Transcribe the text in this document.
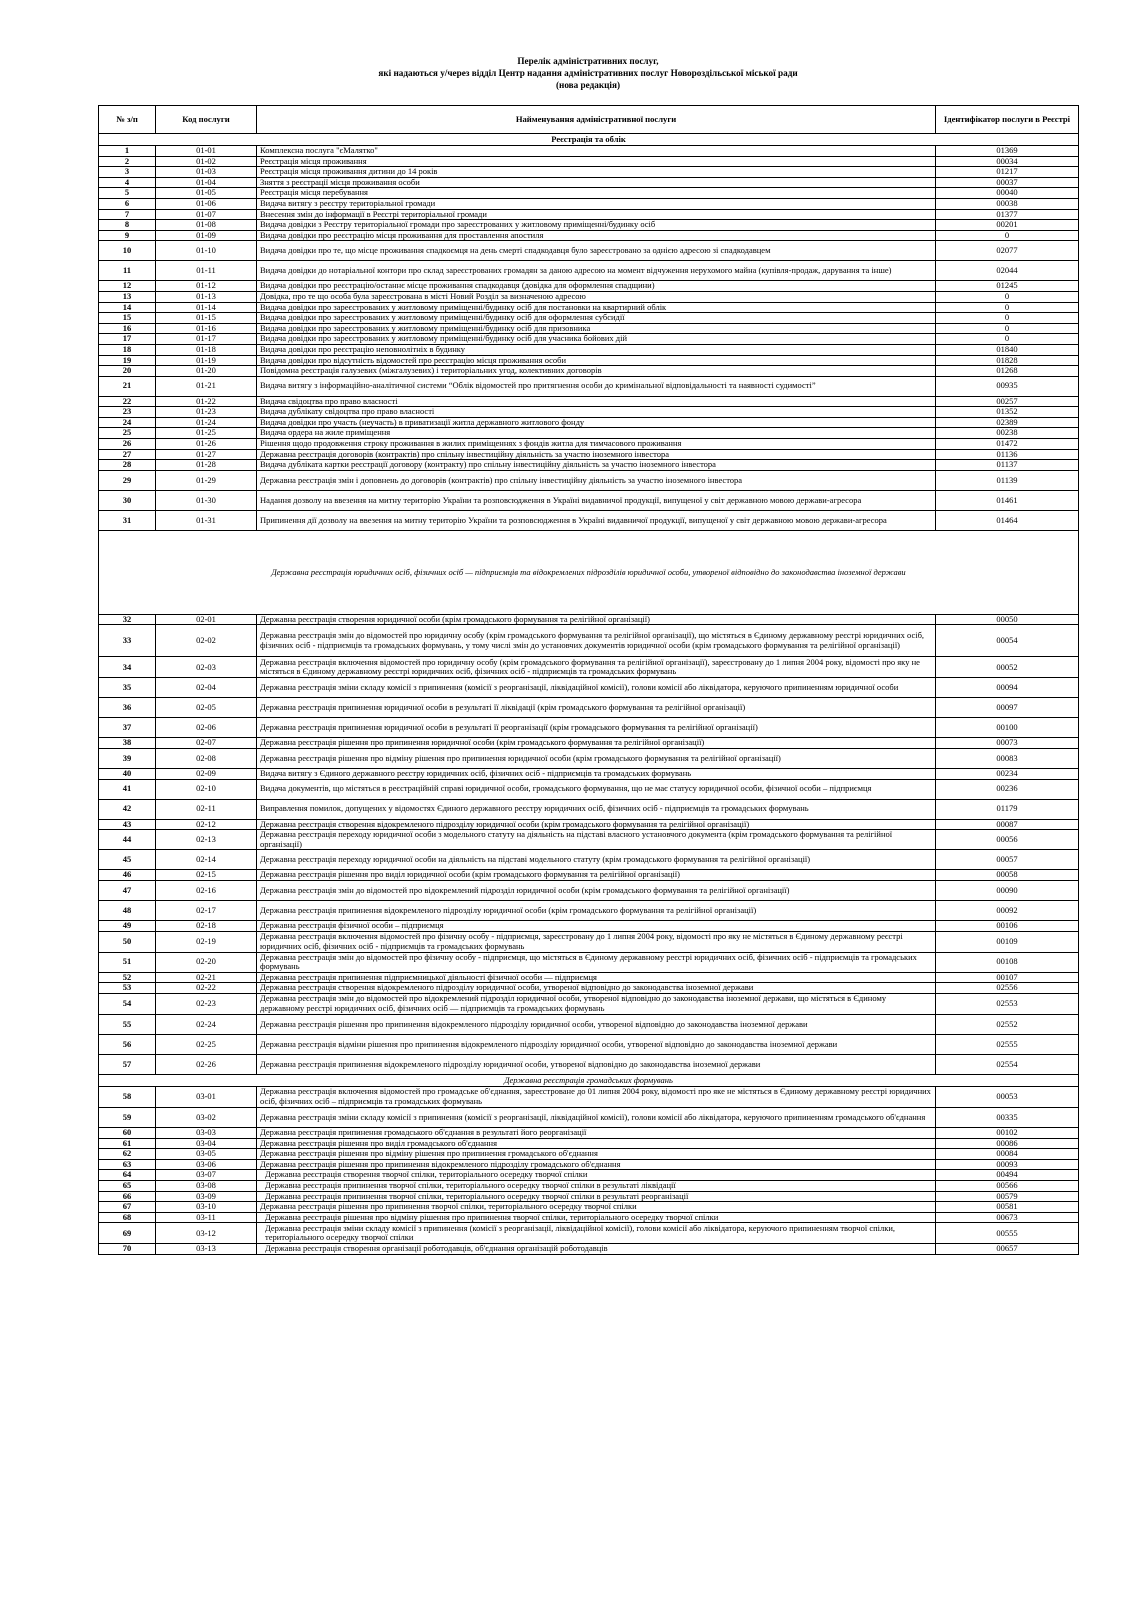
Перелік адміністративних послуг,
які надаються у/через відділ Центр надання адміністративних послуг Новороздільської міської ради
(нова редакція)
№ з/п	Код послуги	Найменування адміністративної послуги	Ідентифікатор послуги в Реєстрі
Реєстрація та облік			
1	01-01	Комплексна послуга "єМалятко"	01369
2	01-02	Реєстрація місця проживання	00034
3	01-03	Реєстрація місця проживання дитини до 14 років	01217
4	01-04	Зняття з реєстрації місця проживання особи	00037
5	01-05	Реєстрація місця перебування	00040
6	01-06	Видача витягу з реєстру територіальної громади	00038
7	01-07	Внесення змін до інформації в Реєстрі територіальної громади	01377
8	01-08	Видача довідки з Реєстру територіальної громади про зареєстрованих у житловому приміщенні/будинку осіб	00201
9	01-09	Видача довідки про реєстрацію місця проживання для проставлення апостиля	0
10	01-10	Видача довідки про те, що місце проживання спадкоємця на день смерті спадкодавця було зареєстровано за однією адресою зі спадкодавцем	02077
11	01-11	Видача довідки до нотаріальної контори про склад зареєстрованих громадян за даною адресою на момент відчуження нерухомого майна (купівля-продаж, дарування та інше)	02044
12	01-12	Видача довідки про реєстрацію/останнє місце проживання спадкодавця (довідка для оформлення спадщини)	01245
13	01-13	Довідка, про те що особа була зареєстрована в місті Новий Розділ за визначеною адресою	0
14	01-14	Видача довідки про зареєстрованих у житловому приміщенні/будинку осіб для постановки на квартирний облік	0
15	01-15	Видача довідки про зареєстрованих у житловому приміщенні/будинку осіб для оформлення субсидії	0
16	01-16	Видача довідки про зареєстрованих у житловому приміщенні/будинку осіб для призовника	0
17	01-17	Видача довідки про зареєстрованих у житловому приміщенні/будинку осіб для учасника бойових дій	0
18	01-18	Видача довідки про реєстрацію неповнолітніх в будинку	01840
19	01-19	Видача довідки про відсутність відомостей про реєстрацію місця проживання особи	01828
20	01-20	Повідомна реєстрація галузевих (міжгалузевих) і територіальних угод, колективних договорів	01268
21	01-21	Видача витягу з інформаційно-аналітичної системи “Облік відомостей про притягнення особи до кримінальної відповідальності та наявності судимості”	00935
22	01-22	Видача свідоцтва про право власності	00257
23	01-23	Видача дублікату свідоцтва про право власності	01352
24	01-24	Видача довідки про участь (неучасть) в приватизації житла державного житлового фонду	02389
25	01-25	Видача ордера на жиле приміщення	00238
26	01-26	Рішення щодо продовження строку проживання в жилих приміщеннях з фондів житла для тимчасового проживання	01472
27	01-27	Державна реєстрація договорів (контрактів) про спільну інвестиційну діяльність за участю іноземного інвестора	01136
28	01-28	Видача дубліката картки реєстрації договору (контракту) про спільну інвестиційну діяльність за участю іноземного інвестора	01137
29	01-29	Державна реєстрація змін і доповнень до договорів (контрактів) про спільну інвестиційну діяльність за участю іноземного інвестора	01139
30	01-30	Надання дозволу на ввезення на митну територію України та розповсюдження в Україні видавничої продукції, випущеної у світ державною мовою держави-агресора	01461
31	01-31	Припинення дії дозволу на ввезення на митну територію України та розповсюдження в Україні видавничої продукції, випущеної у світ державною мовою держави-агресора	01464
Державна реєстрація юридичних осіб, фізичних осіб — підприємців та відокремлених підрозділів юридичної особи, утвореної відповідно до законодавства іноземної держави			
32	02-01	Державна реєстрація створення юридичної особи (крім громадського формування та релігійної організації)	00050
33	02-02	Державна реєстрація змін до відомостей про юридичну особу (крім громадського формування та релігійної організації), що містяться в Єдиному державному реєстрі юридичних осіб, фізичних осіб - підприємців та громадських формувань, у тому числі змін до установчих документів юридичної особи (крім громадського формування та релігійної організації)	00054
34	02-03	Державна реєстрація включення відомостей про юридичну особу (крім громадського формування та релігійної організації), зареєстровану до 1 липня 2004 року, відомості про яку не містяться в Єдиному державному реєстрі юридичних осіб, фізичних осіб - підприємців та громадських формувань	00052
35	02-04	Державна реєстрація зміни складу комісії з припинення (комісії з реорганізації, ліквідаційної комісії), голови комісії або ліквідатора, керуючого припиненням юридичної особи	00094
36	02-05	Державна реєстрація припинення юридичної особи в результаті її ліквідації (крім громадського формування та релігійної організації)	00097
37	02-06	Державна реєстрація припинення юридичної особи в результаті її реорганізації (крім громадського формування та релігійної організації)	00100
38	02-07	Державна реєстрація рішення про припинення юридичної особи (крім громадського формування та релігійної організації)	00073
39	02-08	Державна реєстрація рішення про відміну рішення про припинення юридичної особи (крім громадського формування та релігійної організації)	00083
40	02-09	Видача витягу з Єдиного державного реєстру юридичних осіб, фізичних осіб - підприємців та громадських формувань	00234
41	02-10	Видача документів, що містяться в реєстраційній справі юридичної особи, громадського формування, що не має статусу юридичної особи, фізичної особи – підприємця	00236
42	02-11	Виправлення помилок, допущених у відомостях Єдиного державного реєстру юридичних осіб, фізичних осіб - підприємців та громадських формувань	01179
43	02-12	Державна реєстрація створення відокремленого підрозділу юридичної особи (крім громадського формування та релігійної організації)	00087
44	02-13	Державна реєстрація переходу юридичної особи з модельного статуту на діяльність на підставі власного установчого документа (крім громадського формування та релігійної організації)	00056
45	02-14	Державна реєстрація переходу юридичної особи на діяльність на підставі модельного статуту (крім громадського формування та релігійної організації)	00057
46	02-15	Державна реєстрація рішення про виділ юридичної особи (крім громадського формування та релігійної організації)	00058
47	02-16	Державна реєстрація змін до відомостей про відокремлений підрозділ юридичної особи (крім громадського формування та релігійної організації)	00090
48	02-17	Державна реєстрація припинення відокремленого підрозділу юридичної особи (крім громадського формування та релігійної організації)	00092
49	02-18	Державна реєстрація фізичної особи – підприємця	00106
50	02-19	Державна реєстрація включення відомостей про фізичну особу - підприємця, зареєстровану до 1 липня 2004 року, відомості про яку не містяться в Єдиному державному реєстрі юридичних осіб, фізичних осіб - підприємців та громадських формувань	00109
51	02-20	Державна реєстрація змін до відомостей про фізичну особу - підприємця, що містяться в Єдиному державному реєстрі юридичних осіб, фізичних осіб - підприємців та громадських формувань	00108
52	02-21	Державна реєстрація припинення підприємницької діяльності фізичної особи — підприємця	00107
53	02-22	Державна реєстрація створення відокремленого підрозділу юридичної особи, утвореної відповідно до законодавства іноземної держави	02556
54	02-23	Державна реєстрація змін до відомостей про відокремлений підрозділ юридичної особи, утвореної відповідно до законодавства іноземної держави, що містяться в Єдиному державному реєстрі юридичних осіб, фізичних осіб — підприємців та громадських формувань	02553
55	02-24	Державна реєстрація рішення про припинення відокремленого підрозділу юридичної особи, утвореної відповідно до законодавства іноземної держави	02552
56	02-25	Державна реєстрація відміни рішення про припинення відокремленого підрозділу юридичної особи, утвореної відповідно до законодавства іноземної держави	02555
57	02-26	Державна реєстрація припинення відокремленого підрозділу юридичної особи, утвореної відповідно до законодавства іноземної держави	02554
Державна реєстрація громадських формувань			
58	03-01	Державна реєстрація включення відомостей про громадське об'єднання, зареєстроване до 01 липня 2004 року, відомості про яке не містяться в Єдиному державному реєстрі юридичних осіб, фізичних осіб – підприємців та громадських формувань	00053
59	03-02	Державна реєстрація зміни складу комісії з припинення (комісії з реорганізації, ліквідаційної комісії), голови комісії або ліквідатора, керуючого припиненням громадського об'єднання	00335
60	03-03	Державна реєстрація припинення громадського об'єднання в результаті його реорганізації	00102
61	03-04	Державна реєстрація рішення про виділ громадського об'єднання	00086
62	03-05	Державна реєстрація рішення про відміну рішення про припинення громадського об'єднання	00084
63	03-06	Державна реєстрація рішення про припинення відокремленого підрозділу громадського об'єднання	00093
64	03-07	Державна реєстрація створення творчої спілки, територіального осередку творчої спілки	00494
65	03-08	Державна реєстрація припинення творчої спілки, територіального осередку творчої спілки в результаті ліквідації	00566
66	03-09	Державна реєстрація припинення творчої спілки, територіального осередку творчої спілки в результаті реорганізації	00579
67	03-10	Державна реєстрація рішення про припинення творчої спілки, територіального осередку творчої спілки	00581
68	03-11	Державна реєстрація рішення про відміну рішення про припинення творчої спілки, територіального осередку творчої спілки	00673
69	03-12	Державна реєстрація зміни складу комісії з припинення (комісії з реорганізації, ліквідаційної комісії), голови комісії або ліквідатора, керуючого припиненням творчої спілки, територіального осередку творчої спілки	00555
70	03-13	Державна реєстрація створення організації роботодавців, об'єднання організацій роботодавців	00657
